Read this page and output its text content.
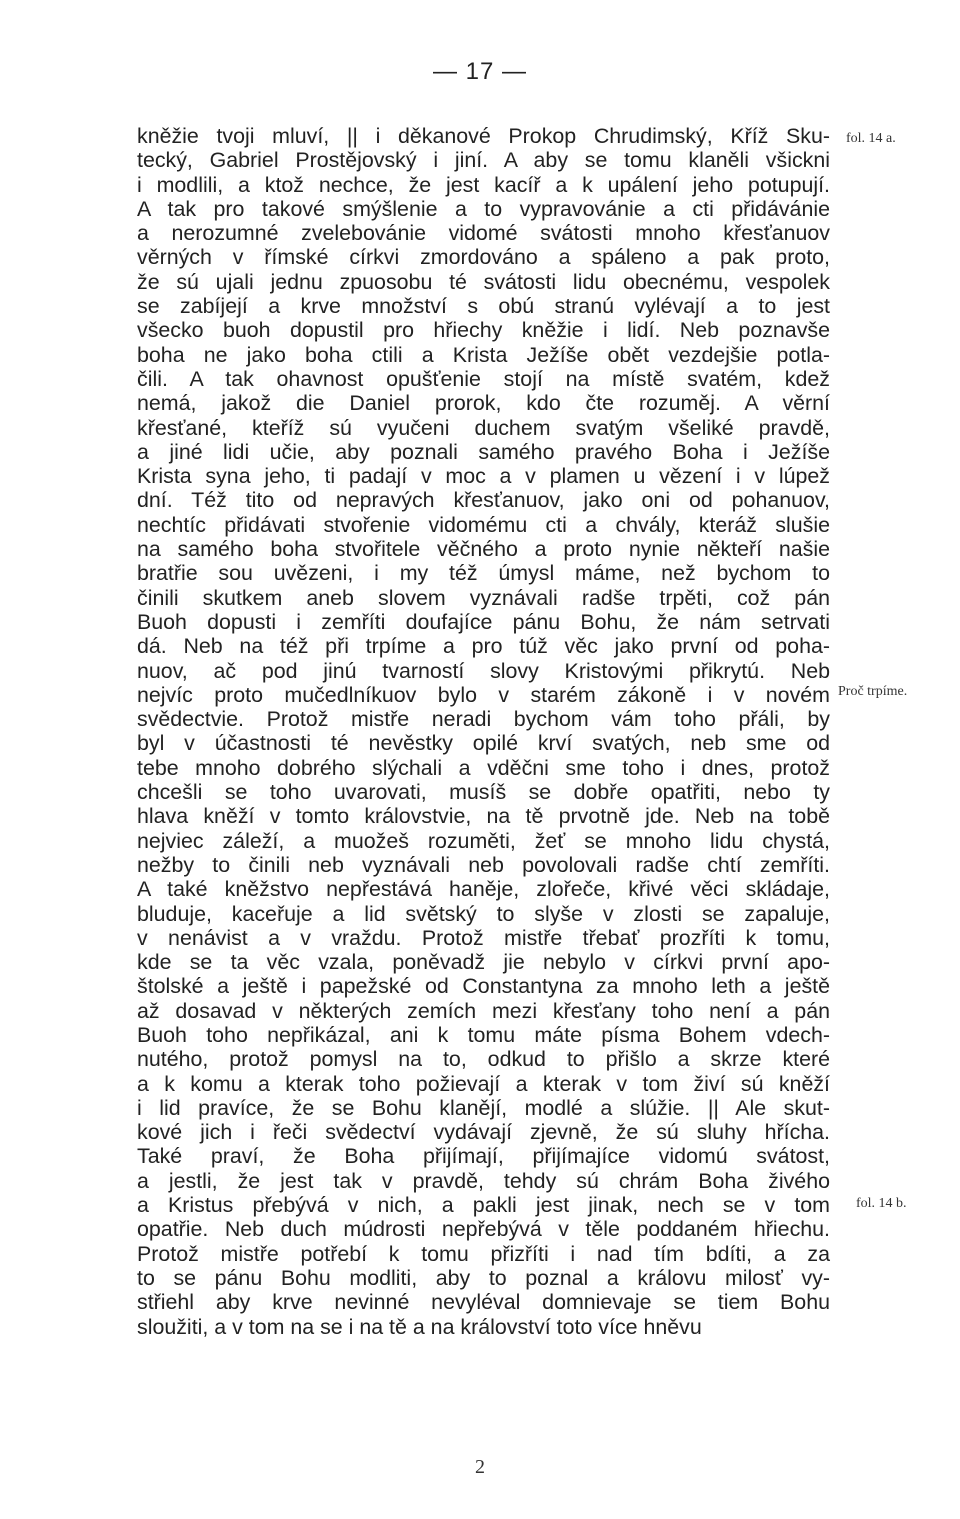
— 17 —
kněžie tvoji mluví, || i děkanové Prokop Chrudimský, Kříž Sku-
tecký, Gabriel Prostějovský i jiní. A aby se tomu klaněli všickni
i modlili, a ktož nechce, že jest kacíř a k upálení jeho potupují.
A tak pro takové smýšlenie a to vypravovánie a cti přidávánie
a nerozumné zvelebovánie vidomé svátosti mnoho křesťanuov
věrných v římské církvi zmordováno a spáleno a pak proto,
že sú ujali jednu zpuosobu té svátosti lidu obecnému, vespolek
se zabíjejí a krve množství s obú stranú vylévají a to jest
všecko buoh dopustil pro hřiechy kněžie i lidí. Neb poznavše
boha ne jako boha ctili a Krista Ježíše obět vezdejšie potla-
čili. A tak ohavnost opušťenie stojí na místě svatém, kdež
nemá, jakož die Daniel prorok, kdo čte rozuměj. A věrní
křesťané, kteříž sú vyučeni duchem svatým všeliké pravdě,
a jiné lidi učie, aby poznali samého pravého Boha i Ježíše
Krista syna jeho, ti padají v moc a v plamen u vězení i v lúpež
dní. Též tito od nepravých křesťanuov, jako oni od pohanuov,
nechtíc přidávati stvořenie vidomému cti a chvály, kteráž slušie
na samého boha stvořitele věčného a proto nynie někteří našie
bratřie sou uvězeni, i my též úmysl máme, než bychom to
činili skutkem aneb slovem vyznávali radše trpěti, což pán
Buoh dopusti i zemříti doufajíce pánu Bohu, že nám setrvati
dá. Neb na též při trpíme a pro túž věc jako první od poha-
nuov, ač pod jinú tvarností slovy Kristovými přikrytú. Neb
nejvíc proto mučedlníkuov bylo v starém zákoně i v novém
svědectvie. Protož mistře neradi bychom vám toho přáli, by
byl v účastnosti té nevěstky opilé krví svatých, neb sme od
tebe mnoho dobrého slýchali a vděčni sme toho i dnes, protož
chcešli se toho uvarovati, musíš se dobře opatřiti, nebo ty
hlava kněží v tomto královstvie, na tě prvotně jde. Neb na tobě
nejviec záleží, a muožeš rozuměti, žeť se mnoho lidu chystá,
nežby to činili neb vyznávali neb povolovali radše chtí zemříti.
A také kněžstvo nepřestává haněje, zlořeče, křivé věci skládaje,
bluduje, kaceřuje a lid světský to slyše v zlosti se zapaluje,
v nenávist a v vraždu. Protož mistře třebať prozříti k tomu,
kde se ta věc vzala, poněvadž jie nebylo v církvi první apo-
štolské a ještě i papežské od Constantyna za mnoho leth a ještě
až dosavad v některých zemích mezi křesťany toho není a pán
Buoh toho nepřikázal, ani k tomu máte písma Bohem vdech-
nutého, protož pomysl na to, odkud to přišlo a skrze které
a k komu a kterak toho požievají a kterak v tom živí sú kněží
i lid pravíce, že se Bohu klanějí, modlé a slúžie. || Ale skut-
kové jich i řeči svědectví vydávají zjevně, že sú sluhy hřícha.
Také praví, že Boha přijímají, přijímajíce vidomú svátost,
a jestli, že jest tak v pravdě, tehdy sú chrám Boha živého
a Kristus přebývá v nich, a pakli jest jinak, nech se v tom
opatřie. Neb duch múdrosti nepřebývá v těle poddaném hřiechu.
Protož mistře potřebí k tomu přizříti i nad tím bdíti, a za
to se pánu Bohu modliti, aby to poznal a královu milosť vy-
střiehl aby krve nevinné nevyléval domnievaje se tiem Bohu
sloužiti, a v tom na se i na tě a na království toto více hněvu
fol. 14 a.
Proč trpíme.
fol. 14 b.
2
